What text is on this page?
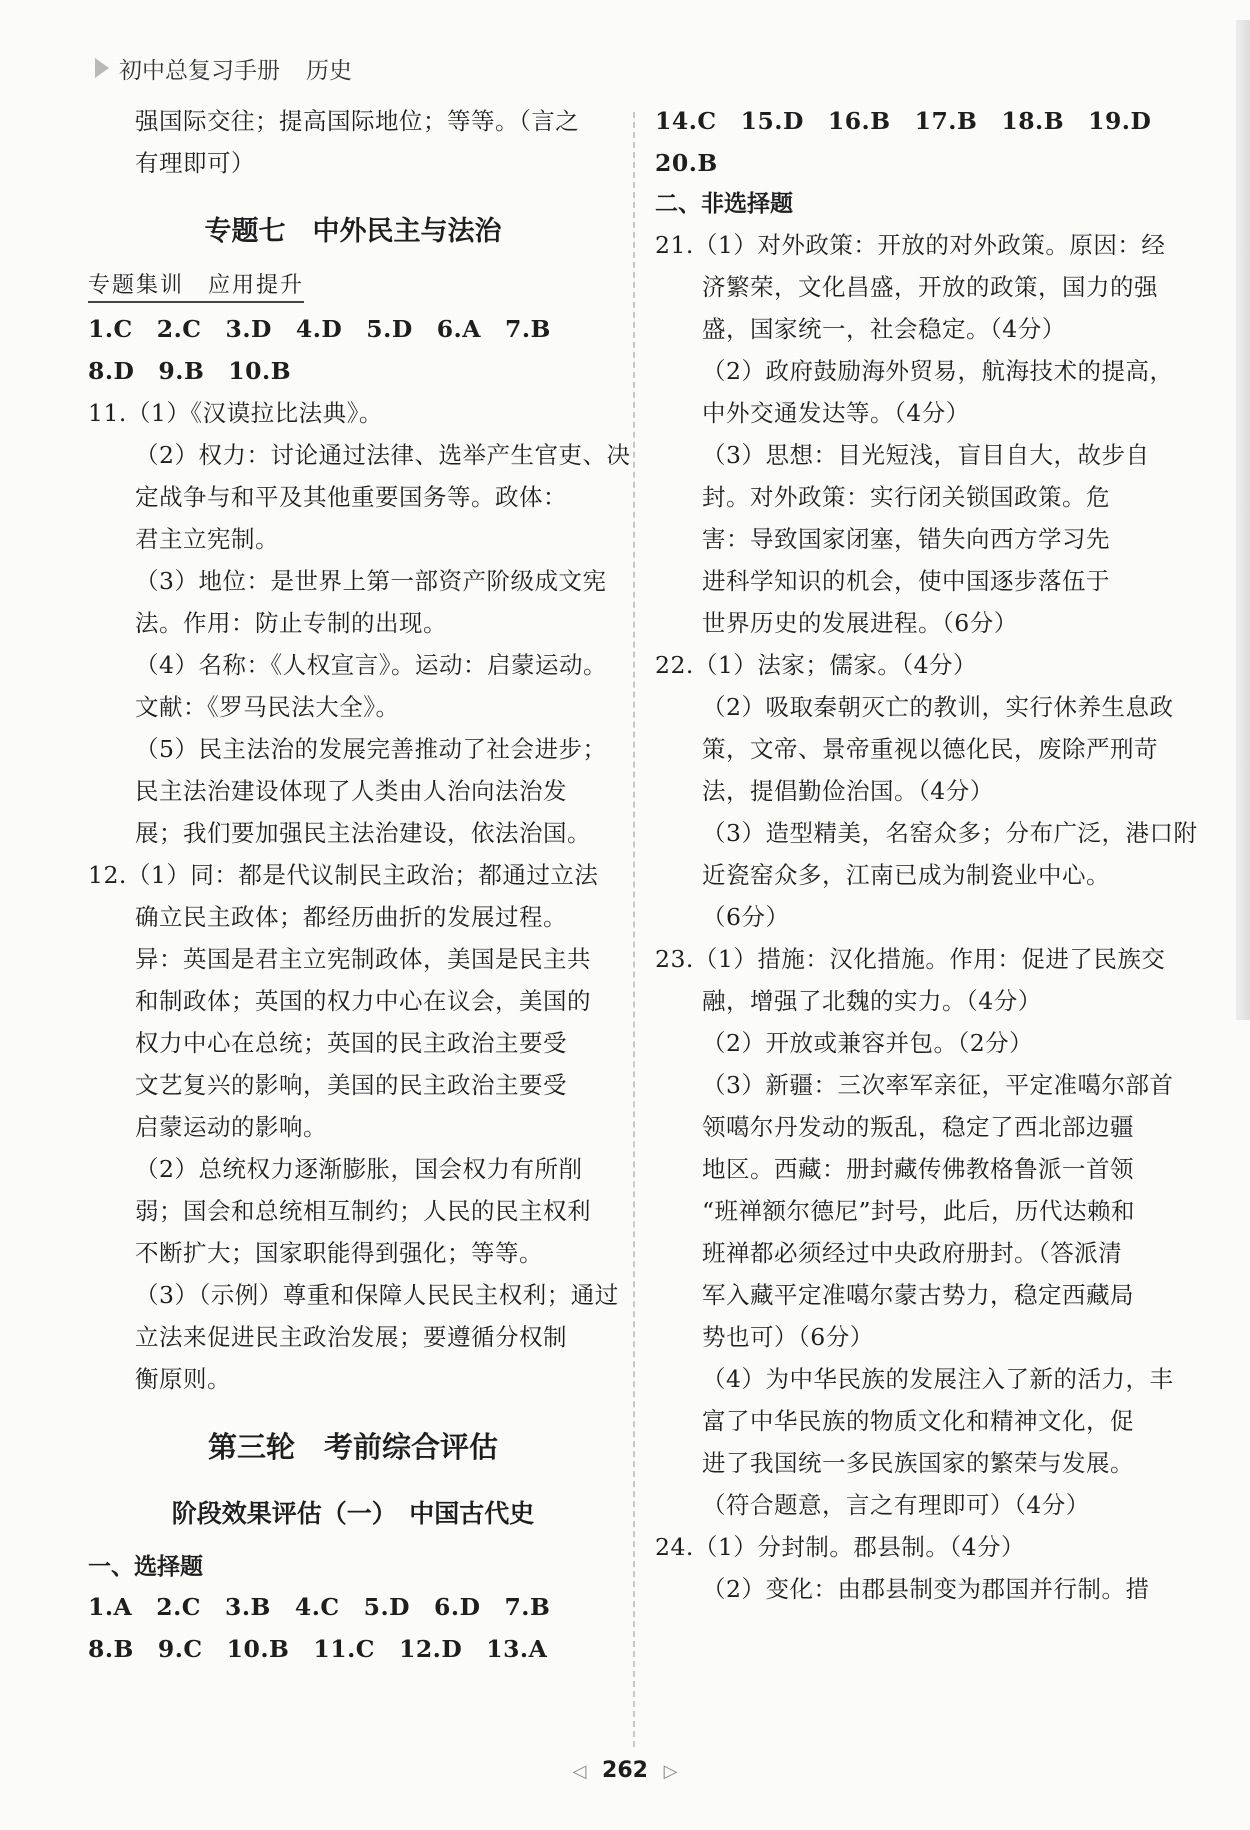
初中总复习手册 历史
强国际交往；提高国际地位；等等。（言之
有理即可）
专题七　中外民主与法治
专题集训　应用提升
1.C　2.C　3.D　4.D　5.D　6.A　7.B
8.D　9.B　10.B
11.（1）《汉谟拉比法典》。
（2）权力：讨论通过法律、选举产生官吏、决
定战争与和平及其他重要国务等。政体：
君主立宪制。
（3）地位：是世界上第一部资产阶级成文宪
法。作用：防止专制的出现。
（4）名称：《人权宣言》。运动：启蒙运动。
文献：《罗马民法大全》。
（5）民主法治的发展完善推动了社会进步；
民主法治建设体现了人类由人治向法治发
展；我们要加强民主法治建设，依法治国。
12.（1）同：都是代议制民主政治；都通过立法
确立民主政体；都经历曲折的发展过程。
异：英国是君主立宪制政体，美国是民主共
和制政体；英国的权力中心在议会，美国的
权力中心在总统；英国的民主政治主要受
文艺复兴的影响，美国的民主政治主要受
启蒙运动的影响。
（2）总统权力逐渐膨胀，国会权力有所削
弱；国会和总统相互制约；人民的民主权利
不断扩大；国家职能得到强化；等等。
（3）（示例）尊重和保障人民民主权利；通过
立法来促进民主政治发展；要遵循分权制
衡原则。
第三轮　考前综合评估
阶段效果评估（一）　中国古代史
一、选择题
1.A　2.C　3.B　4.C　5.D　6.D　7.B
8.B　9.C　10.B　11.C　12.D　13.A
14.C　15.D　16.B　17.B　18.B　19.D
20.B
二、非选择题
21.（1）对外政策：开放的对外政策。原因：经
济繁荣，文化昌盛，开放的政策，国力的强
盛，国家统一，社会稳定。（4分）
（2）政府鼓励海外贸易，航海技术的提高，
中外交通发达等。（4分）
（3）思想：目光短浅，盲目自大，故步自
封。对外政策：实行闭关锁国政策。危
害：导致国家闭塞，错失向西方学习先
进科学知识的机会，使中国逐步落伍于
世界历史的发展进程。（6分）
22.（1）法家；儒家。（4分）
（2）吸取秦朝灭亡的教训，实行休养生息政
策，文帝、景帝重视以德化民，废除严刑苛
法，提倡勤俭治国。（4分）
（3）造型精美，名窑众多；分布广泛，港口附
近瓷窑众多，江南已成为制瓷业中心。
（6分）
23.（1）措施：汉化措施。作用：促进了民族交
融，增强了北魏的实力。（4分）
（2）开放或兼容并包。（2分）
（3）新疆：三次率军亲征，平定准噶尔部首
领噶尔丹发动的叛乱，稳定了西北部边疆
地区。西藏：册封藏传佛教格鲁派一首领
“班禅额尔德尼”封号，此后，历代达赖和
班禅都必须经过中央政府册封。（答派清
军入藏平定准噶尔蒙古势力，稳定西藏局
势也可）（6分）
（4）为中华民族的发展注入了新的活力，丰
富了中华民族的物质文化和精神文化，促
进了我国统一多民族国家的繁荣与发展。
（符合题意，言之有理即可）（4分）
24.（1）分封制。郡县制。（4分）
（2）变化：由郡县制变为郡国并行制。措
◁ 262 ▷
